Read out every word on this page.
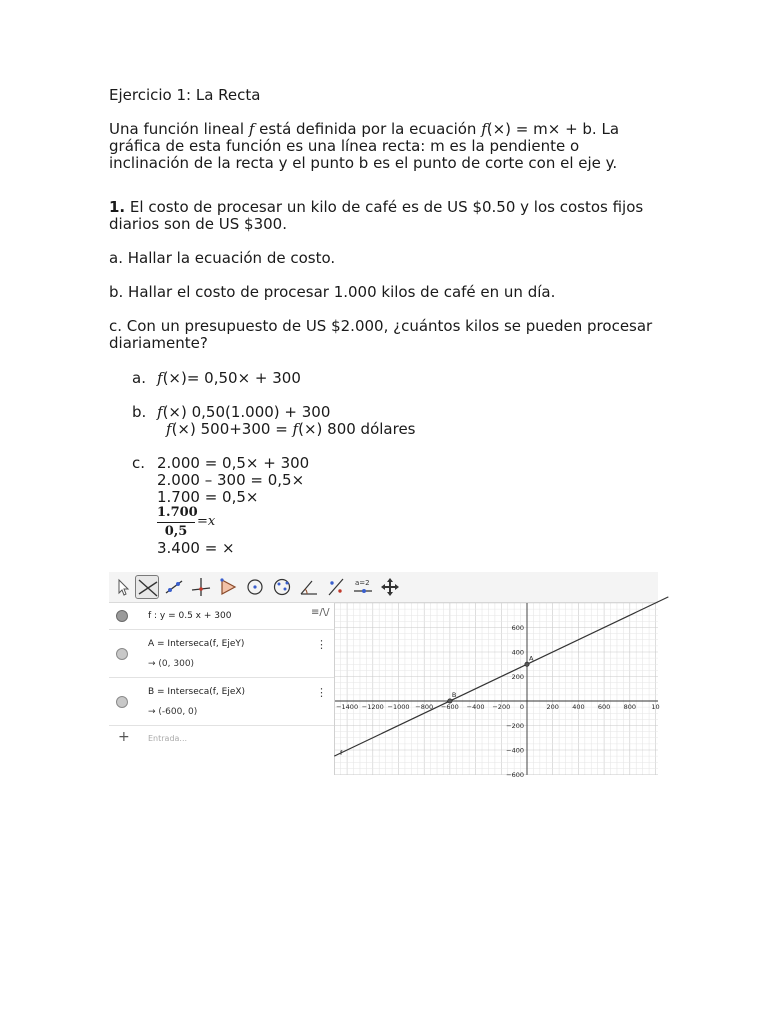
Ejercicio 1: La Recta
Una función lineal f está definida por la ecuación f(×) = m× + b. La
gráfica de esta función es una línea recta: m es la pendiente o
inclinación de la recta y el punto b es el punto de corte con el eje y.
1. El costo de procesar un kilo de café es de US $0.50 y los costos fijos
diarios son de US $300.
a. Hallar la ecuación de costo.
b. Hallar el costo de procesar 1.000 kilos de café en un día.
c. Con un presupuesto de US $2.000, ¿cuántos kilos se pueden procesar
diariamente?
a. f(×)= 0,50× + 300
b. f(×) 0,50(1.000) + 300
f(×) 500+300 = f(×) 800 dólares
c. 2.000 = 0,5× + 300
2.000 – 300 = 0,5×
1.700 = 0,5×
1.700
0,5
=x
3.400 = ×
a=2
f : y = 0.5 x + 300	≡/\/
A = Interseca(f, EjeY)
→ (0, 300)
⋮
B = Interseca(f, EjeX)
→ (-600, 0)
⋮
+ Entrada...
−1400 −1200 −1000 −800 −600 −400 −200	200 400 600 800 10
600
400
200
−200
−400
−600
0
f
A
B
